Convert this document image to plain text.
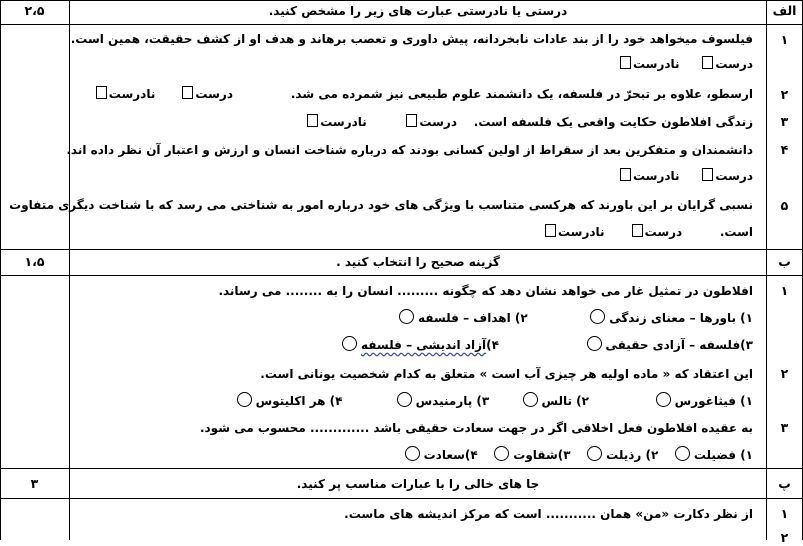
الف
درستی یا نادرستی عبارت های زیر را مشخص کنید.
۲،۵
۱
فیلسوف میخواهد خود را از بند عادات نابخردانه، پیش داوری و تعصب برهاند و هدف او از کشف حقیقت، همین است.
درست     نادرست
۲
ارسطو، علاوه بر تبحرّ در فلسفه، یک دانشمند علوم طبیعی نیز شمرده می شد.
درست      نادرست
۳
زندگی افلاطون حکایت واقعی یک فلسفه است.
درست         نادرست
۴
دانشمندان و متفکرین بعد از سقراط از اولین کسانی بودند که درباره شناخت انسان و ارزش و اعتبار آن نظر داده اند.
درست     نادرست
۵
نسبی گرایان بر این باورند که هرکسی متناسب با ویژگی های خود درباره امور به شناختی می رسد که با شناخت دیگری متفاوت
است.         درست      نادرست
ب
گزینه صحیح را انتخاب کنید .
۱،۵
۱
افلاطون در تمثیل غار می خواهد نشان دهد که چگونه ......... انسان را به ........ می رساند.
۱) باورها – معنای زندگی              ۲) اهداف – فلسفه
۳)فلسفه – آزادی حقیقی                    ۴)آزاد اندیشی – فلسفه
۲
این اعتقاد که « ماده اولیه هر چیزی آب است » متعلق به کدام شخصیت یونانی است.
۱) فیثاغورس               ۲) تالس       ۳) پارمنیدس            ۴) هر اکلیتوس
۳
به عقیده افلاطون فعل اخلاقی اگر در جهت سعادت حقیقی باشد ............. محسوب می شود.
۱) فضیلت   ۲) رذیلت   ۳)شقاوت   ۴)سعادت
پ
جا های خالی را با عبارات مناسب پر کنید.
۳
۱
از نظر دکارت «من» همان ........... است که مرکز اندیشه های ماست.
۲
